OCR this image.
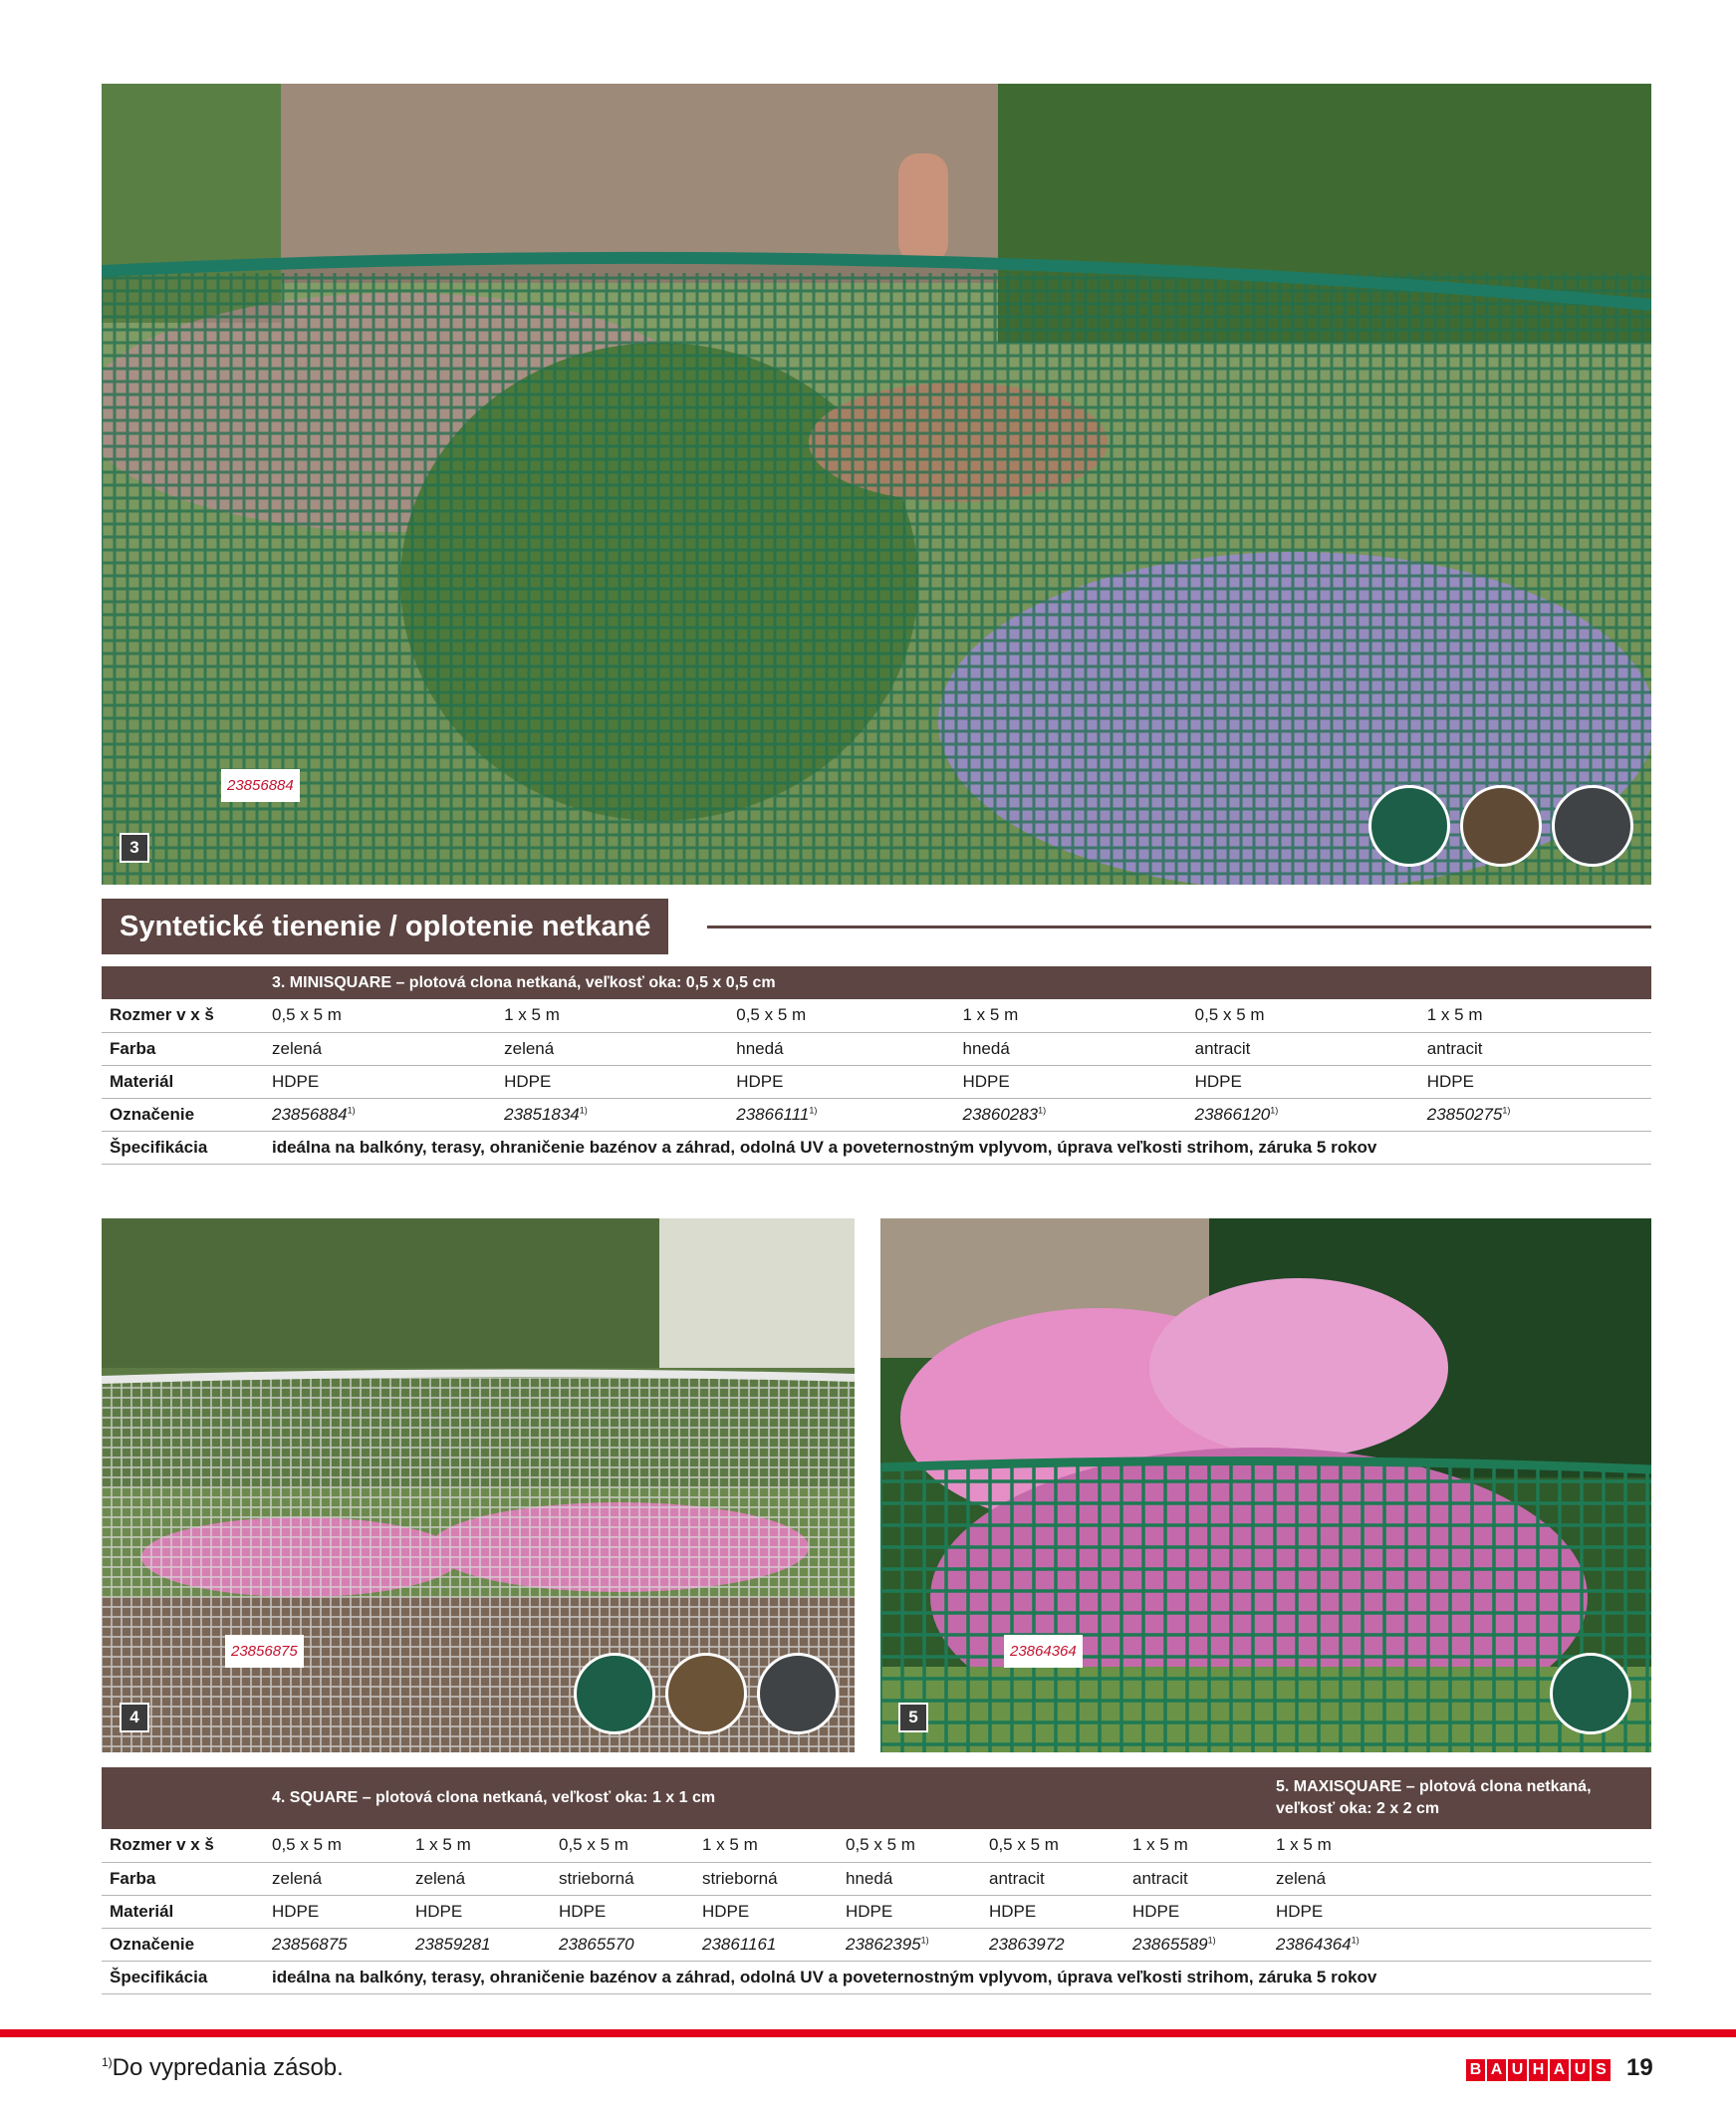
23856884
3
Syntetické tienenie / oplotenie netkané
	3. MINISQUARE – plotová clona netkaná, veľkosť oka: 0,5 x 0,5 cm					
Rozmer v x š	0,5 x 5 m	1 x 5 m	0,5 x 5 m	1 x 5 m	0,5 x 5 m	1 x 5 m
Farba	zelená	zelená	hnedá	hnedá	antracit	antracit
Materiál	HDPE	HDPE	HDPE	HDPE	HDPE	HDPE
Označenie	23856884$^{1)}$	23851834$^{1)}$	23866111$^{1)}$	23860283$^{1)}$	23866120$^{1)}$	23850275$^{1)}$
Špecifikácia	ideálna na balkóny, terasy, ohraničenie bazénov a záhrad, odolná UV a poveternostným vplyvom, úprava veľkosti strihom, záruka 5 rokov					
23856875
4
23864364
5
	4. SQUARE – plotová clona netkaná, veľkosť oka: 1 x 1 cm							5. MAXISQUARE – plotová clona netkaná,
veľkosť oka: 2 x 2 cm

Rozmer v x š	0,5 x 5 m	1 x 5 m	0,5 x 5 m	1 x 5 m	0,5 x 5 m	0,5 x 5 m	1 x 5 m	1 x 5 m
Farba	zelená	zelená	strieborná	strieborná	hnedá	antracit	antracit	zelená
Materiál	HDPE	HDPE	HDPE	HDPE	HDPE	HDPE	HDPE	HDPE
Označenie	23856875	23859281	23865570	23861161	23862395$^{1)}$	23863972	23865589$^{1)}$	23864364$^{1)}$
Špecifikácia	ideálna na balkóny, terasy, ohraničenie bazénov a záhrad, odolná UV a poveternostným vplyvom, úprava veľkosti strihom, záruka 5 rokov							
$^{1)}$Do vypredania zásob.	B A U H A U S 19
